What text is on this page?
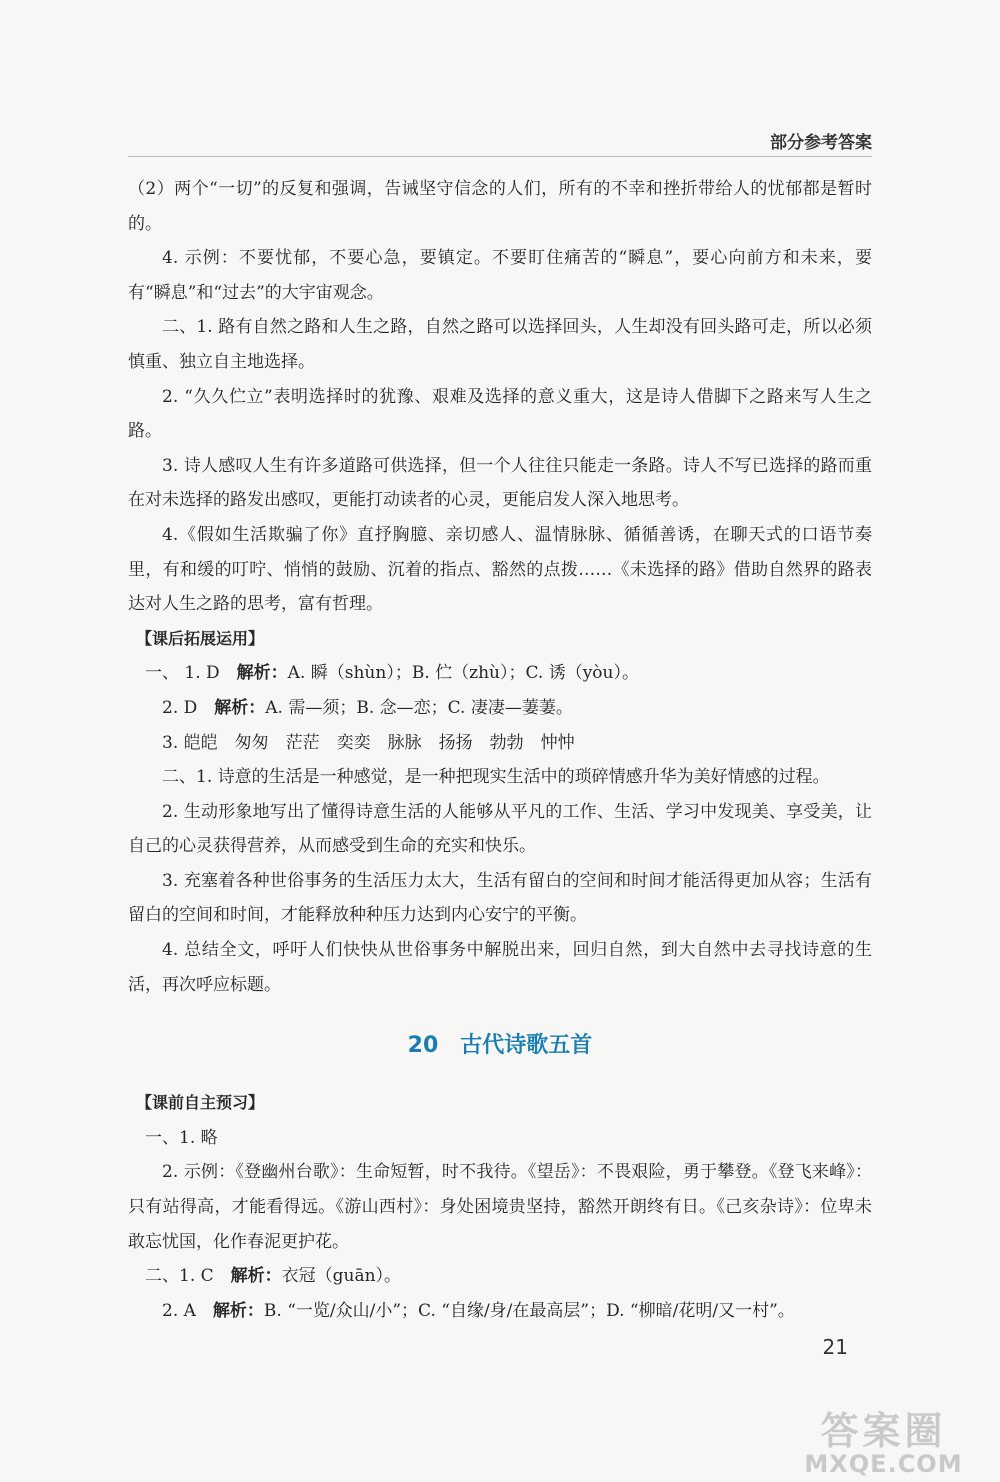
部分参考答案

（2）两个“一切”的反复和强调，告诫坚守信念的人们，所有的不幸和挫折带给人的忧郁都是暂时的。

4. 示例：不要忧郁，不要心急，要镇定。不要盯住痛苦的“瞬息”，要心向前方和未来，要有“瞬息”和“过去”的大宇宙观念。

二、1. 路有自然之路和人生之路，自然之路可以选择回头，人生却没有回头路可走，所以必须慎重、独立自主地选择。

2. “久久伫立”表明选择时的犹豫、艰难及选择的意义重大，这是诗人借脚下之路来写人生之路。

3. 诗人感叹人生有许多道路可供选择，但一个人往往只能走一条路。诗人不写已选择的路而重在对未选择的路发出感叹，更能打动读者的心灵，更能启发人深入地思考。

4.《假如生活欺骗了你》直抒胸臆、亲切感人、温情脉脉、循循善诱，在聊天式的口语节奏里，有和缓的叮咛、悄悄的鼓励、沉着的指点、豁然的点拨……《未选择的路》借助自然界的路表达对人生之路的思考，富有哲理。

【课后拓展运用】

一、 1. D　 解析：A. 瞬（shùn）；B. 伫（zhù）；C. 诱（yòu）。

2. D　 解析：A. 需—须；B. 念—恋；C. 凄凄—萋萋。

3. 皑皑　匆匆　茫茫　奕奕　脉脉　扬扬　勃勃　忡忡

二、1. 诗意的生活是一种感觉，是一种把现实生活中的琐碎情感升华为美好情感的过程。

2. 生动形象地写出了懂得诗意生活的人能够从平凡的工作、生活、学习中发现美、享受美，让自己的心灵获得营养，从而感受到生命的充实和快乐。

3. 充塞着各种世俗事务的生活压力太大，生活有留白的空间和时间才能活得更加从容；生活有留白的空间和时间，才能释放种种压力达到内心安宁的平衡。

4. 总结全文，呼吁人们快快从世俗事务中解脱出来，回归自然，到大自然中去寻找诗意的生活，再次呼应标题。

20 古代诗歌五首

【课前自主预习】

一、1. 略

2. 示例：《登幽州台歌》：生命短暂，时不我待。《望岳》：不畏艰险，勇于攀登。《登飞来峰》：只有站得高，才能看得远。《游山西村》：身处困境贵坚持，豁然开朗终有日。《己亥杂诗》：位卑未敢忘忧国，化作春泥更护花。

二、1. C　 解析：衣冠（guān）。

2. A　 解析：B. “一览/众山/小”；C. “自缘/身/在最高层”；D. “柳暗/花明/又一村”。

21
答案圈
MXQE.COM
